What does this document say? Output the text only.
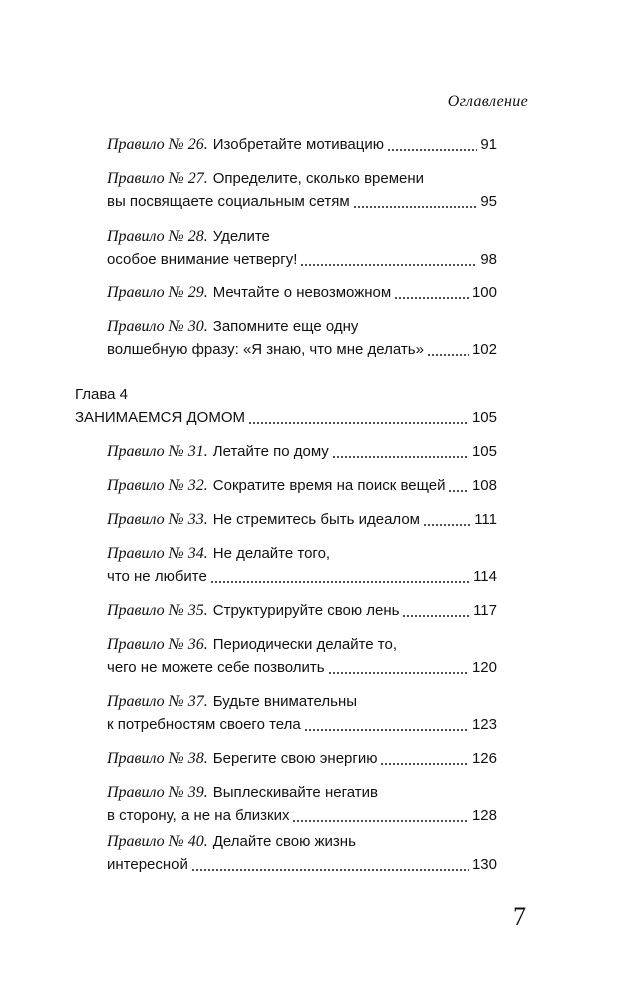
Оглавление
Правило № 26. Изобретайте мотивацию	91
Правило № 27. Определите, сколько времени
вы посвящаете социальным сетям	95
Правило № 28. Уделите
особое внимание четвергу!	98
Правило № 29. Мечтайте о невозможном	100
Правило № 30. Запомните еще одну
волшебную фразу: «Я знаю, что мне делать»	102
Глава 4
ЗАНИМАЕМСЯ ДОМОМ	105
Правило № 31. Летайте по дому	105
Правило № 32. Сократите время на поиск вещей 108
Правило № 33. Не стремитесь быть идеалом	111
Правило № 34. Не делайте того,
что не любите	114
Правило № 35. Структурируйте свою лень	117
Правило № 36. Периодически делайте то,
чего не можете себе позволить	120
Правило № 37. Будьте внимательны
к потребностям своего тела	123
Правило № 38. Берегите свою энергию	126
Правило № 39. Выплескивайте негатив
в сторону, а не на близких	128
Правило № 40. Делайте свою жизнь
интересной	130
7
